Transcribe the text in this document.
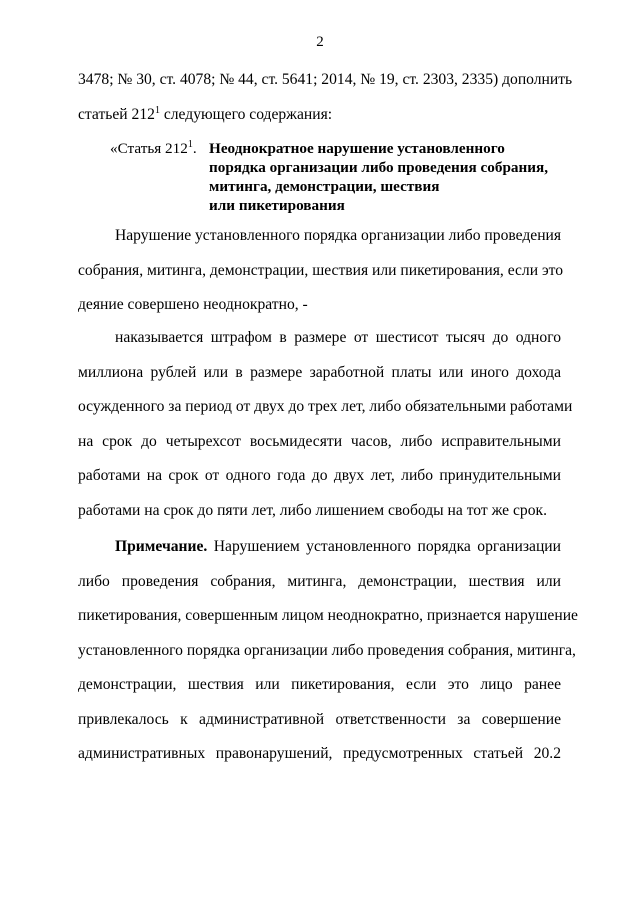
2
3478; № 30, ст. 4078; № 44, ст. 5641; 2014, № 19, ст. 2303, 2335) дополнить
статьей $212^1$ следующего содержания:
«Статья $212^1$. Неоднократное нарушение установленного
порядка организации либо проведения собрания,
митинга, демонстрации, шествия
или пикетирования
Нарушение установленного порядка организации либо проведения
собрания, митинга, демонстрации, шествия или пикетирования, если это
деяние совершено неоднократно, -
наказывается штрафом в размере от шестисот тысяч до одного
миллиона рублей или в размере заработной платы или иного дохода
осужденного за период от двух до трех лет, либо обязательными работами
на срок до четырехсот восьмидесяти часов, либо исправительными
работами на срок от одного года до двух лет, либо принудительными
работами на срок до пяти лет, либо лишением свободы на тот же срок.
Примечание. Нарушением установленного порядка организации
либо проведения собрания, митинга, демонстрации, шествия или
пикетирования, совершенным лицом неоднократно, признается нарушение
установленного порядка организации либо проведения собрания, митинга,
демонстрации, шествия или пикетирования, если это лицо ранее
привлекалось к административной ответственности за совершение
административных правонарушений, предусмотренных статьей 20.2
